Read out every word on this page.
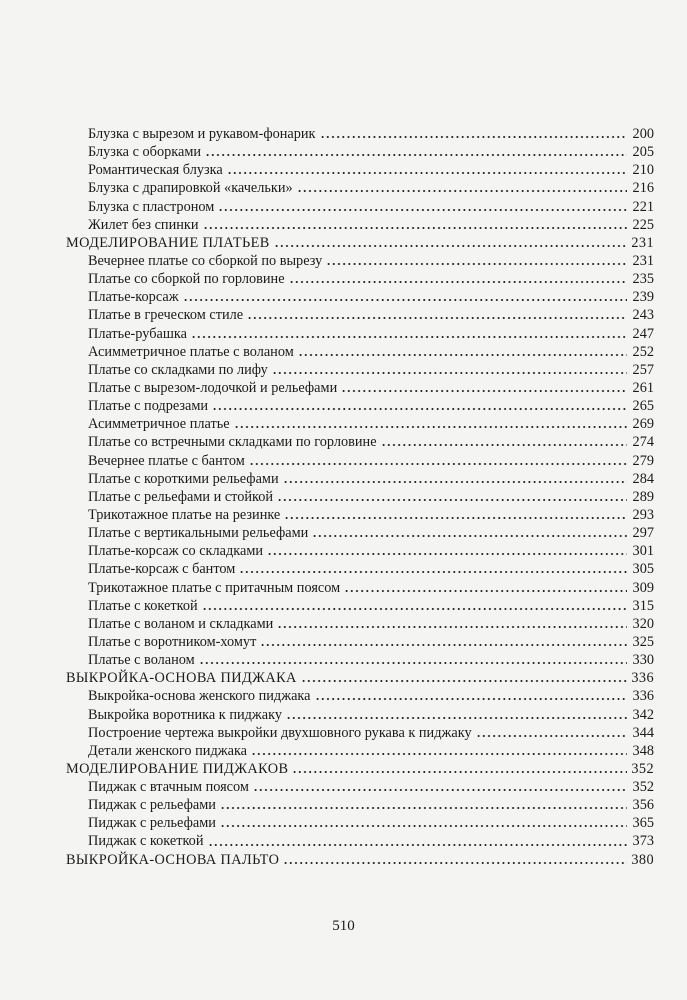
Блузка с вырезом и рукавом-фонарик	200
Блузка с оборками	205
Романтическая блузка	210
Блузка с драпировкой «качельки»	216
Блузка с пластроном	221
Жилет без спинки	225
МОДЕЛИРОВАНИЕ ПЛАТЬЕВ	231
Вечернее платье со сборкой по вырезу	231
Платье со сборкой по горловине	235
Платье-корсаж	239
Платье в греческом стиле	243
Платье-рубашка	247
Асимметричное платье с воланом	252
Платье со складками по лифу	257
Платье с вырезом-лодочкой и рельефами	261
Платье с подрезами	265
Асимметричное платье	269
Платье со встречными складками по горловине	274
Вечернее платье с бантом	279
Платье с короткими рельефами	284
Платье с рельефами и стойкой	289
Трикотажное платье на резинке	293
Платье с вертикальными рельефами	297
Платье-корсаж со складками	301
Платье-корсаж с бантом	305
Трикотажное платье с притачным поясом	309
Платье с кокеткой	315
Платье с воланом и складками	320
Платье с воротником-хомут	325
Платье с воланом	330
ВЫКРОЙКА-ОСНОВА ПИДЖАКА	336
Выкройка-основа женского пиджака	336
Выкройка воротника к пиджаку	342
Построение чертежа выкройки двухшовного рукава к пиджаку	344
Детали женского пиджака	348
МОДЕЛИРОВАНИЕ ПИДЖАКОВ	352
Пиджак с втачным поясом	352
Пиджак с рельефами	356
Пиджак с рельефами	365
Пиджак с кокеткой	373
ВЫКРОЙКА-ОСНОВА ПАЛЬТО	380
510
